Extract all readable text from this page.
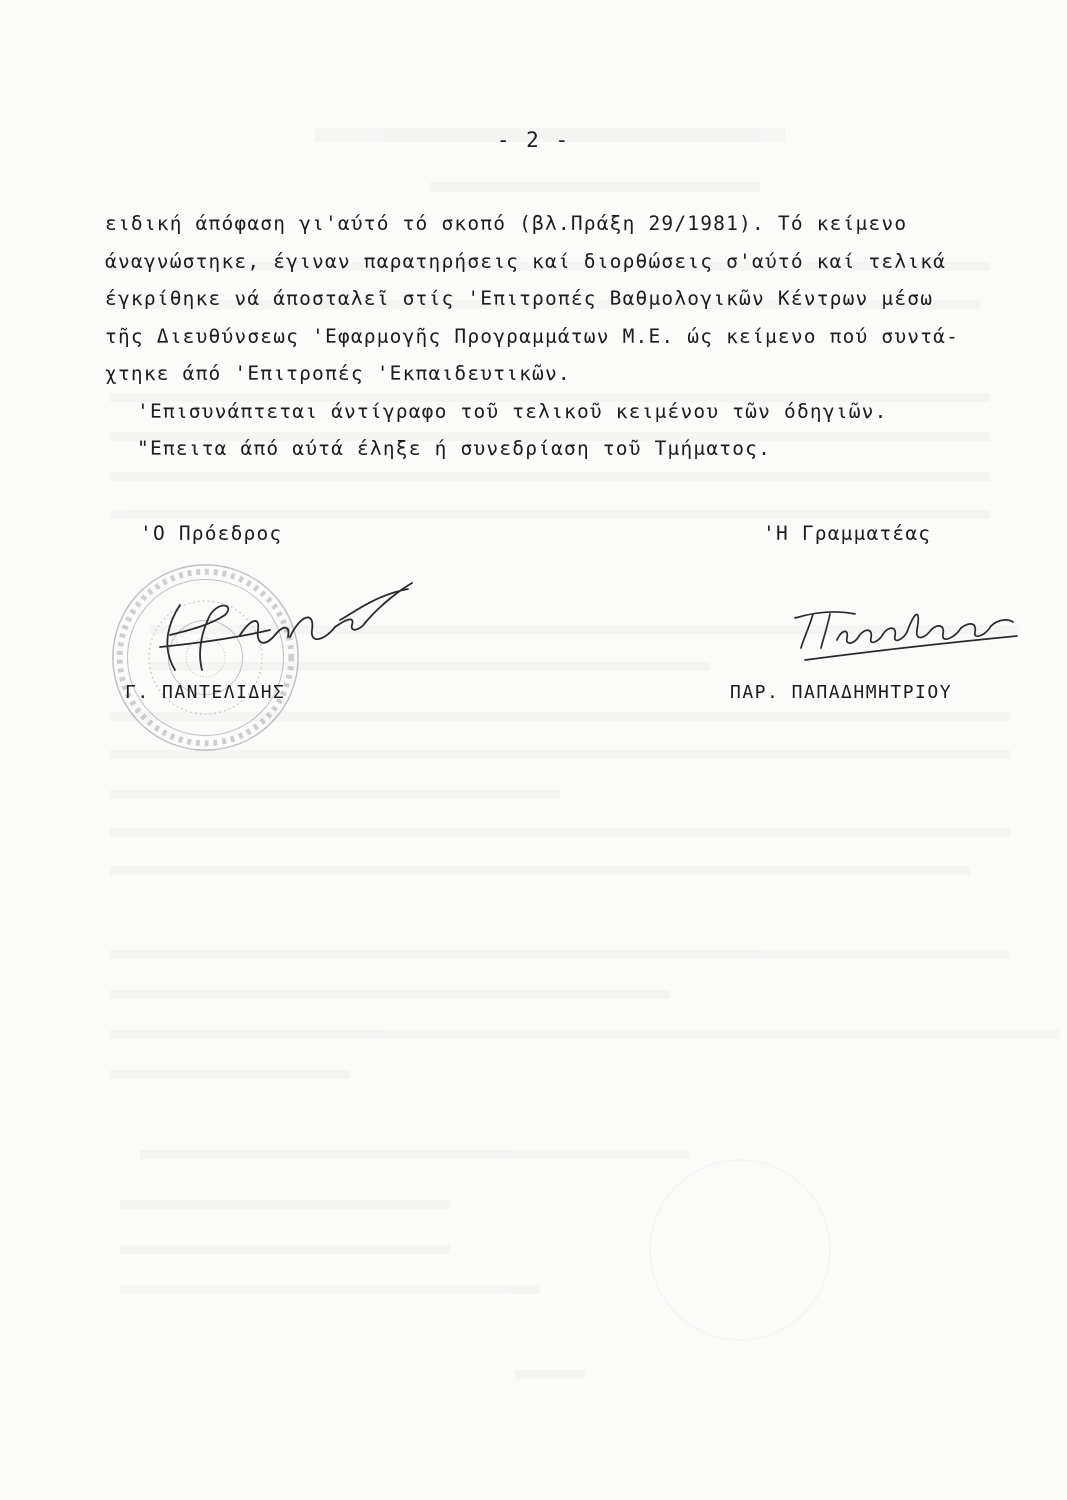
- 2 -
ειδική άπόφαση γι'αύτό τό σκοπό (βλ.Πράξη 29/1981). Τό κείμενο
άναγνώστηκε, έγιναν παρατηρήσεις καί διορθώσεις σ'αύτό καί τελικά
έγκρίθηκε νά άποσταλεῖ στίς 'Επιτροπές Βαθμολογικῶν Κέντρων μέσω
τῆς Διευθύνσεως 'Εφαρμογῆς Προγραμμάτων Μ.Ε. ώς κείμενο πού συντά-
χτηκε άπό 'Επιτροπές 'Εκπαιδευτικῶν.
'Επισυνάπτεται άντίγραφο τοῦ τελικοῦ κειμένου τῶν όδηγιῶν.
"Επειτα άπό αύτά έληξε ή συνεδρίαση τοῦ Τμήματος.
'Ο Πρόεδρος	'Η Γραμματέας
Γ. ΠΑΝΤΕΛΙΔΗΣ	ΠΑΡ. ΠΑΠΑΔΗΜΗΤΡΙΟΥ
